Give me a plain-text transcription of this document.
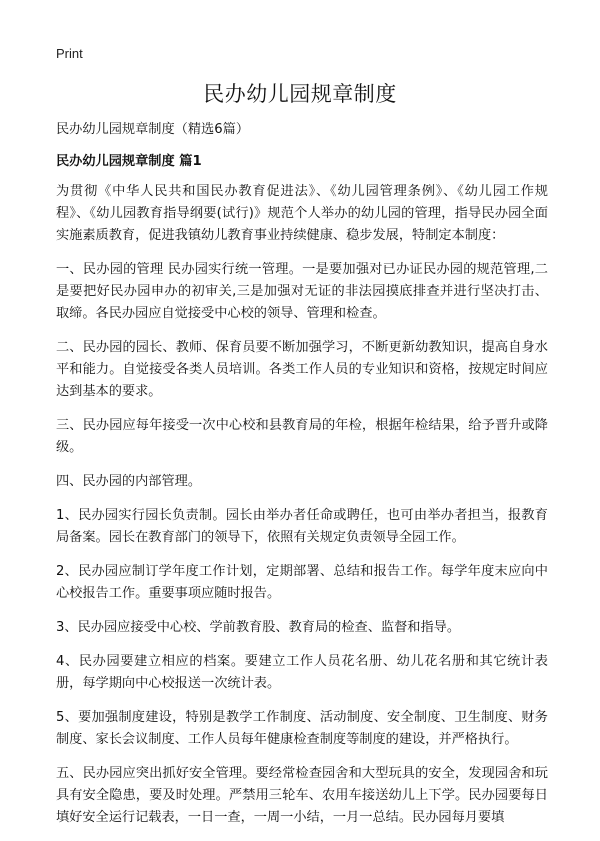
Print
民办幼儿园规章制度
民办幼儿园规章制度（精选6篇）
民办幼儿园规章制度 篇1

为贯彻《中华人民共和国民办教育促进法》、《幼儿园管理条例》、《幼儿园工作规程》、《幼儿园教育指导纲要(试行)》规范个人举办的幼儿园的管理，指导民办园全面实施素质教育，促进我镇幼儿教育事业持续健康、稳步发展，特制定本制度：

一、民办园的管理 民办园实行统一管理。一是要加强对已办证民办园的规范管理,二是要把好民办园申办的初审关,三是加强对无证的非法园摸底排查并进行坚决打击、取缔。各民办园应自觉接受中心校的领导、管理和检查。

二、民办园的园长、教师、保育员要不断加强学习，不断更新幼教知识，提高自身水平和能力。自觉接受各类人员培训。各类工作人员的专业知识和资格，按规定时间应达到基本的要求。

三、民办园应每年接受一次中心校和县教育局的年检，根据年检结果，给予晋升或降级。

四、民办园的内部管理。

1、民办园实行园长负责制。园长由举办者任命或聘任，也可由举办者担当，报教育局备案。园长在教育部门的领导下，依照有关规定负责领导全园工作。

2、民办园应制订学年度工作计划，定期部署、总结和报告工作。每学年度末应向中心校报告工作。重要事项应随时报告。

3、民办园应接受中心校、学前教育股、教育局的检查、监督和指导。

4、民办园要建立相应的档案。要建立工作人员花名册、幼儿花名册和其它统计表册，每学期向中心校报送一次统计表。

5、要加强制度建设，特别是教学工作制度、活动制度、安全制度、卫生制度、财务制度、家长会议制度、工作人员每年健康检查制度等制度的建设，并严格执行。

五、民办园应突出抓好安全管理。要经常检查园舍和大型玩具的安全，发现园舍和玩具有安全隐患，要及时处理。严禁用三轮车、农用车接送幼儿上下学。民办园要每日填好安全运行记载表，一日一查，一周一小结，一月一总结。民办园每月要填
